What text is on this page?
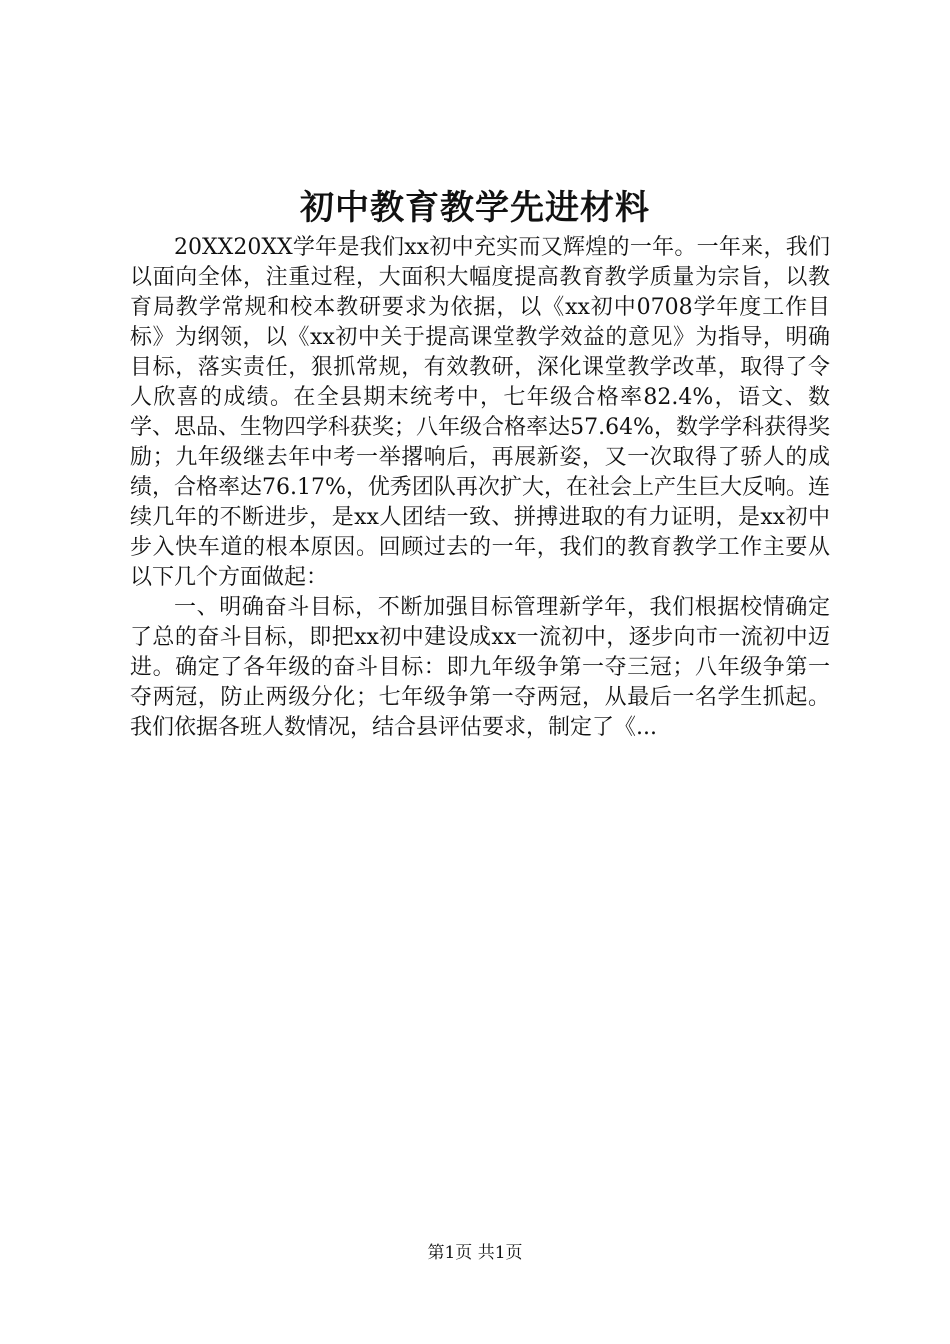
初中教育教学先进材料

20XX20XX学年是我们xx初中充实而又辉煌的一年。一年来，我们以面向全体，注重过程，大面积大幅度提高教育教学质量为宗旨，以教育局教学常规和校本教研要求为依据，以《xx初中0708学年度工作目标》为纲领，以《xx初中关于提高课堂教学效益的意见》为指导，明确目标，落实责任，狠抓常规，有效教研，深化课堂教学改革，取得了令人欣喜的成绩。在全县期末统考中，七年级合格率82.4%，语文、数学、思品、生物四学科获奖；八年级合格率达57.64%，数学学科获得奖励；九年级继去年中考一举撂响后，再展新姿，又一次取得了骄人的成绩，合格率达76.17%，优秀团队再次扩大，在社会上产生巨大反响。连续几年的不断进步，是xx人团结一致、拼搏进取的有力证明，是xx初中步入快车道的根本原因。回顾过去的一年，我们的教育教学工作主要从以下几个方面做起：

一、明确奋斗目标，不断加强目标管理新学年，我们根据校情确定了总的奋斗目标，即把xx初中建设成xx一流初中，逐步向市一流初中迈进。确定了各年级的奋斗目标：即九年级争第一夺三冠；八年级争第一夺两冠，防止两级分化；七年级争第一夺两冠，从最后一名学生抓起。我们依据各班人数情况，结合县评估要求，制定了《...

第1页 共1页
